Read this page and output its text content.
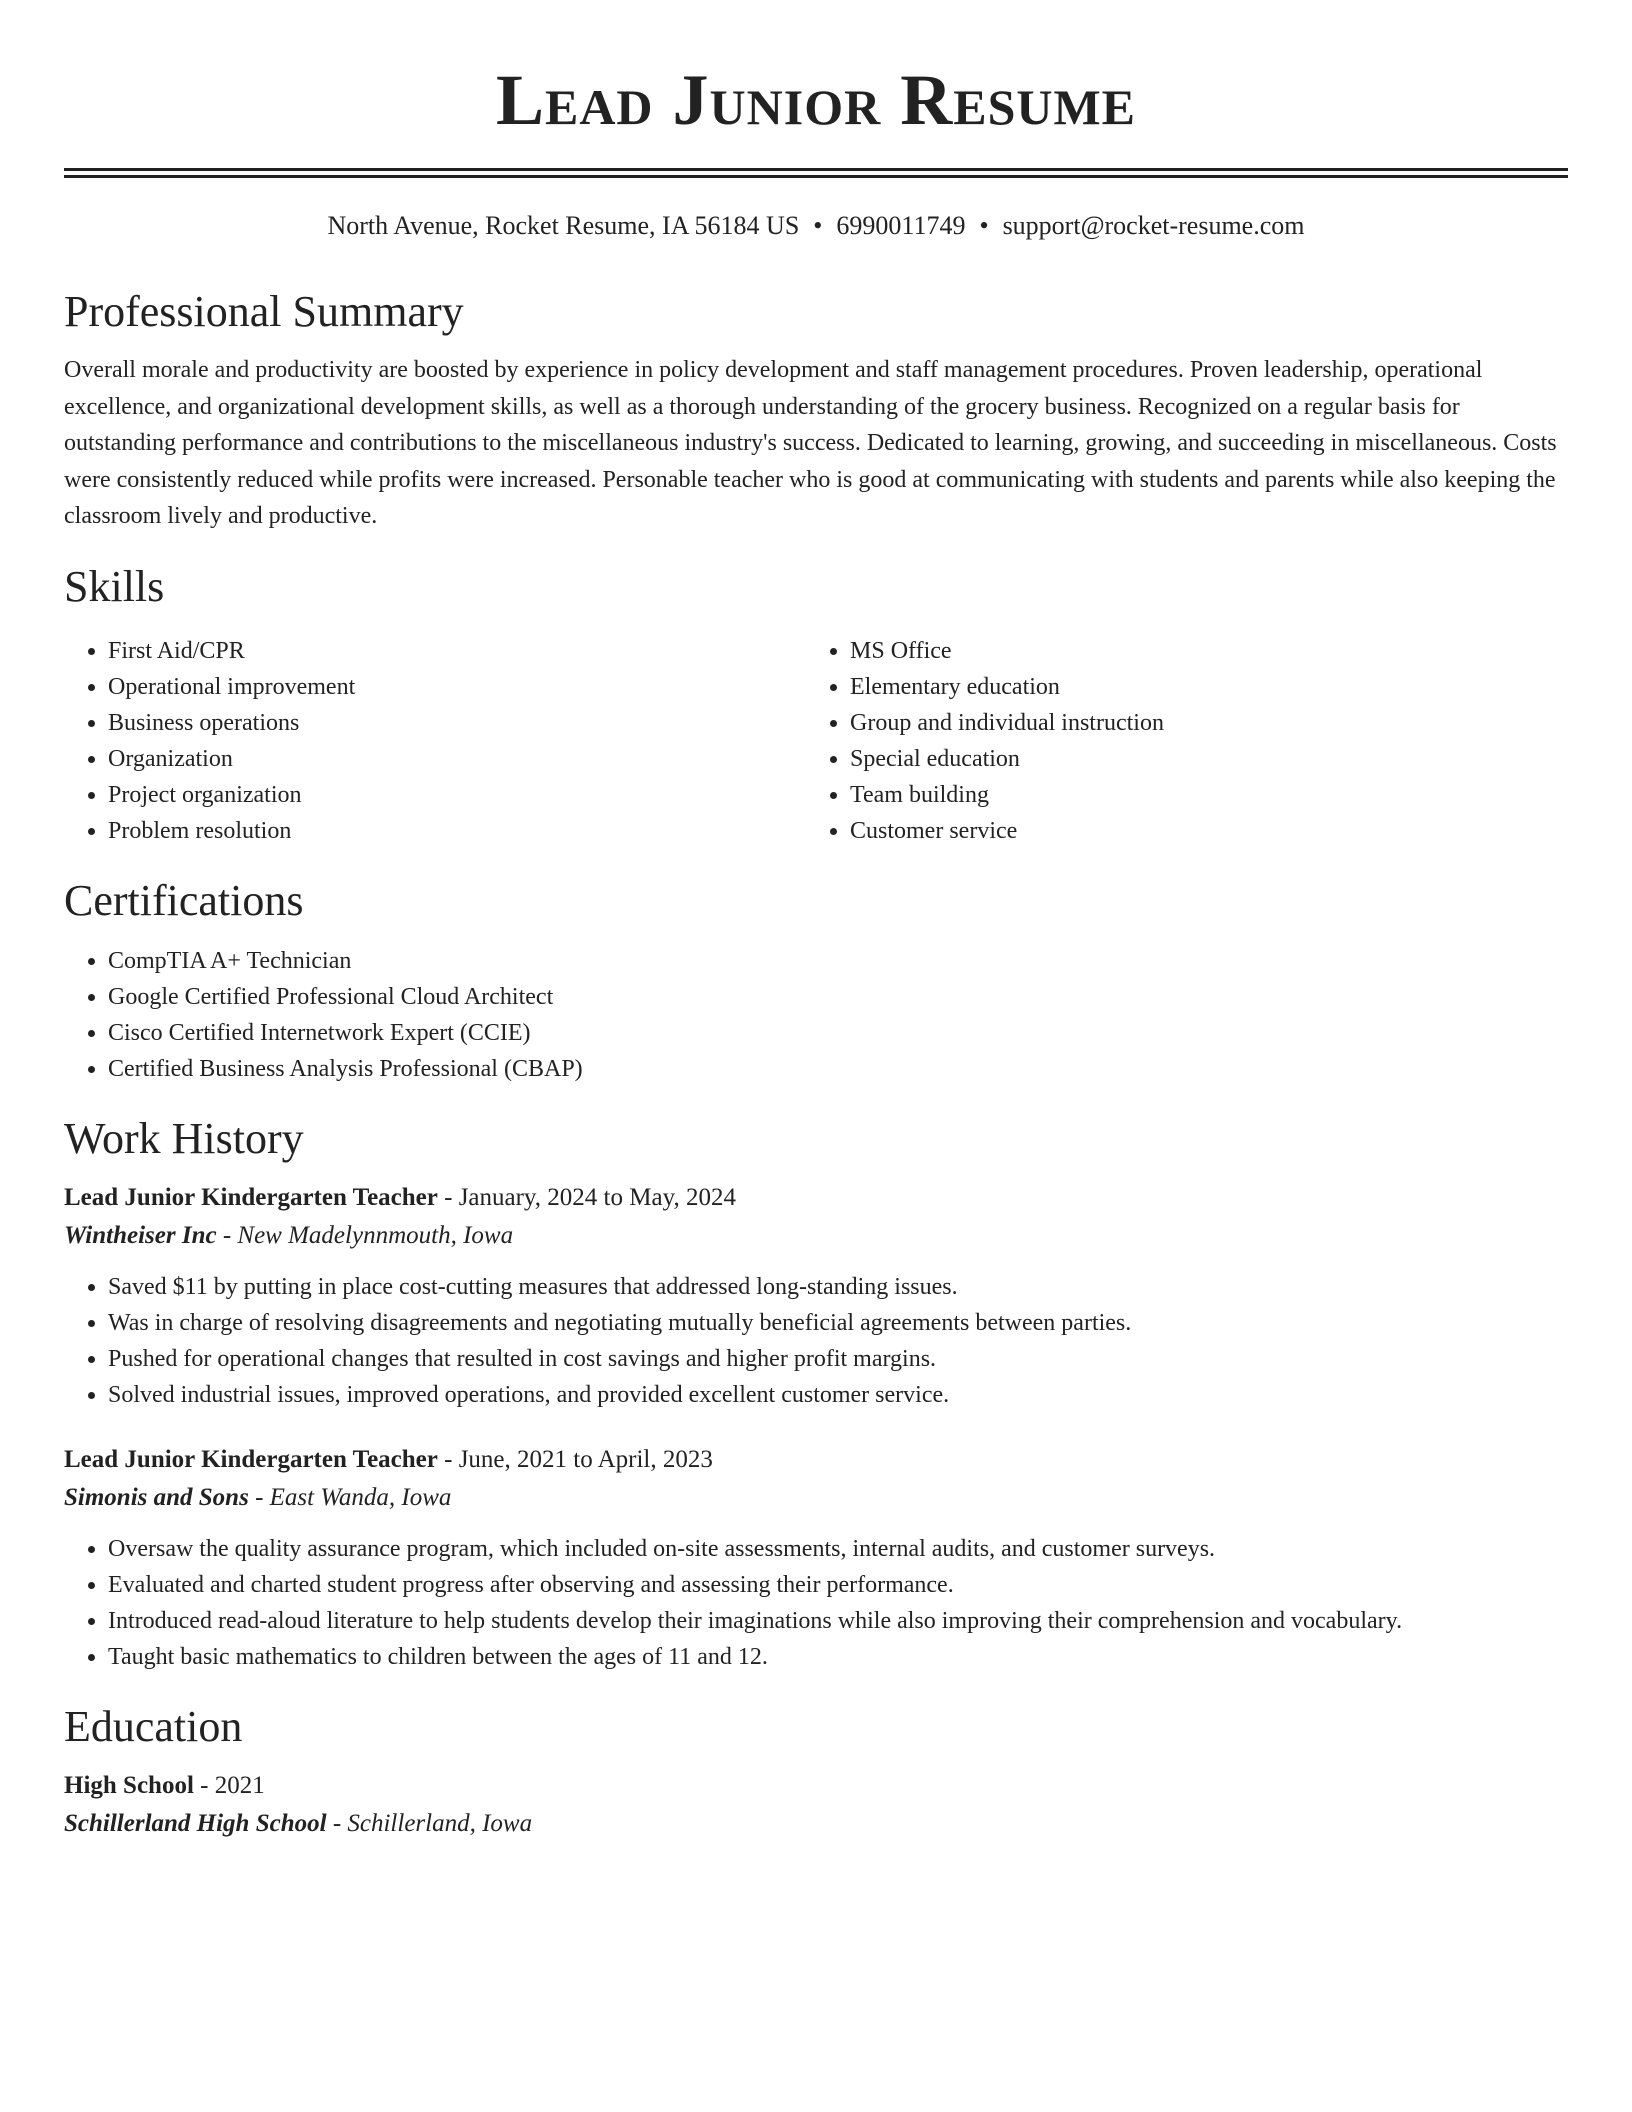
Lead Junior Resume
North Avenue, Rocket Resume, IA 56184 US • 6990011749 • support@rocket-resume.com
Professional Summary

Overall morale and productivity are boosted by experience in policy development and staff management procedures. Proven leadership, operational excellence, and organizational development skills, as well as a thorough understanding of the grocery business. Recognized on a regular basis for outstanding performance and contributions to the miscellaneous industry's success. Dedicated to learning, growing, and succeeding in miscellaneous. Costs were consistently reduced while profits were increased. Personable teacher who is good at communicating with students and parents while also keeping the classroom lively and productive.

Skills
• First Aid/CPR
• Operational improvement
• Business operations
• Organization
• Project organization
• Problem resolution
• MS Office
• Elementary education
• Group and individual instruction
• Special education
• Team building
• Customer service
Certifications
• CompTIA A+ Technician
• Google Certified Professional Cloud Architect
• Cisco Certified Internetwork Expert (CCIE)
• Certified Business Analysis Professional (CBAP)
Work History
Lead Junior Kindergarten Teacher - January, 2024 to May, 2024
Wintheiser Inc - New Madelynnmouth, Iowa
• Saved $11 by putting in place cost-cutting measures that addressed long-standing issues.
• Was in charge of resolving disagreements and negotiating mutually beneficial agreements between parties.
• Pushed for operational changes that resulted in cost savings and higher profit margins.
• Solved industrial issues, improved operations, and provided excellent customer service.
Lead Junior Kindergarten Teacher - June, 2021 to April, 2023
Simonis and Sons - East Wanda, Iowa
• Oversaw the quality assurance program, which included on-site assessments, internal audits, and customer surveys.
• Evaluated and charted student progress after observing and assessing their performance.
• Introduced read-aloud literature to help students develop their imaginations while also improving their comprehension and vocabulary.
• Taught basic mathematics to children between the ages of 11 and 12.
Education
High School - 2021
Schillerland High School - Schillerland, Iowa
